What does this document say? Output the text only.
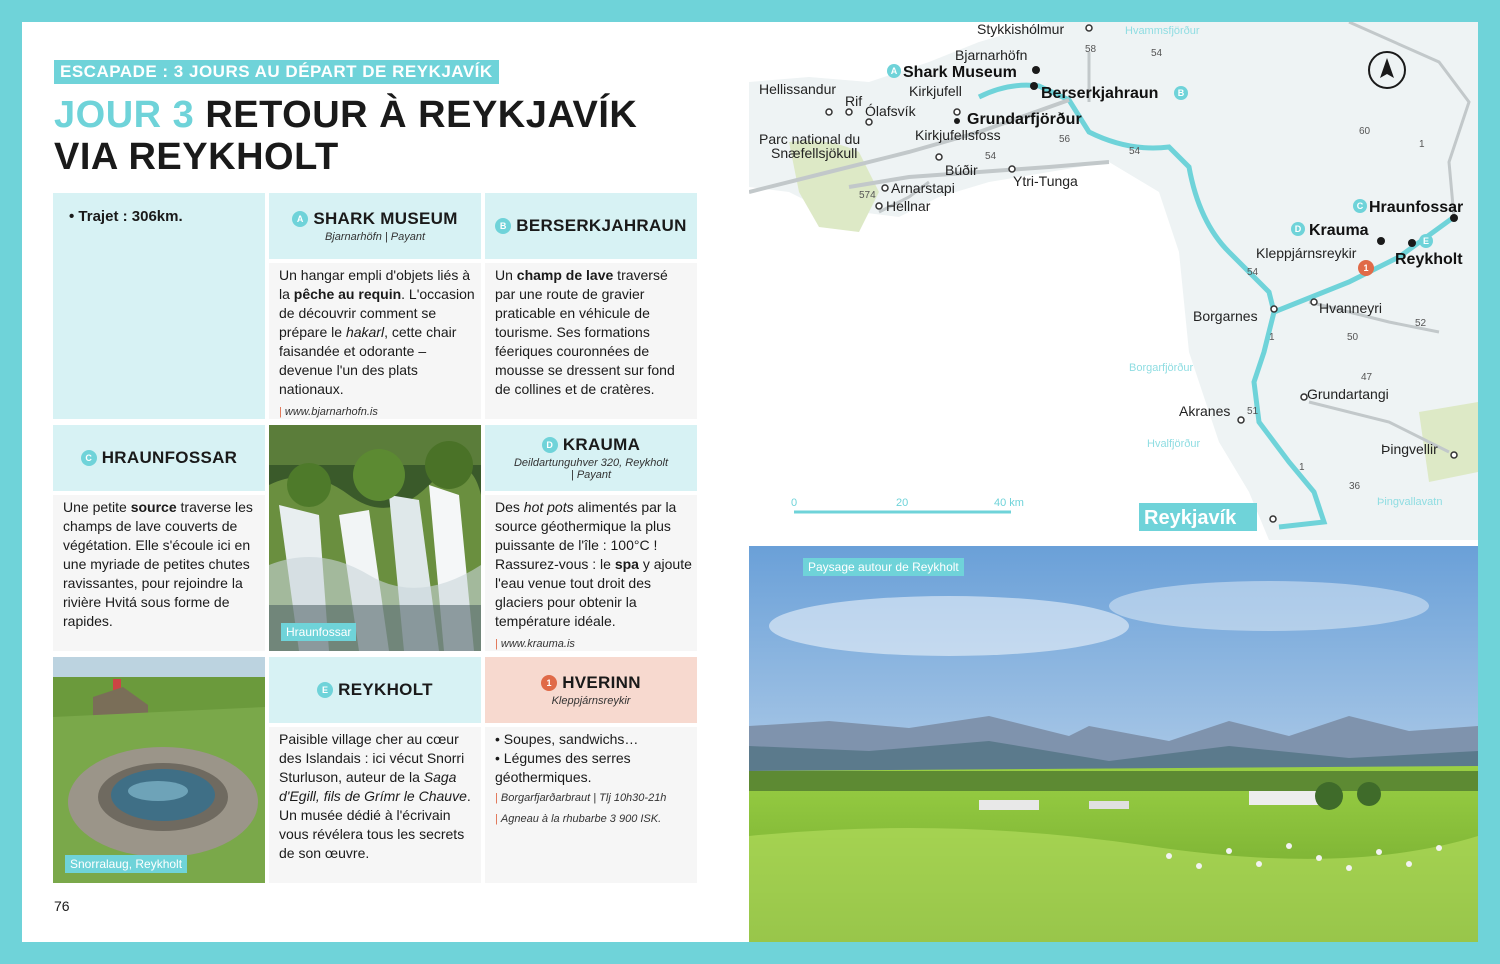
ESCAPADE : 3 JOURS AU DÉPART DE REYKJAVÍK
JOUR 3 RETOUR À REYKJAVÍK
VIA REYKHOLT
• Trajet : 306km.	A SHARK MUSEUM
Bjarnarhöfn | Payant
Un hangar empli d'objets liés à la pêche au requin. L'occasion de découvrir comment se prépare le hakarl, cette chair faisandée et odorante – devenue l'un des plats nationaux.
| www.bjarnarhofn.is
B BERSERKJAHRAUN
Un champ de lave traversé par une route de gravier praticable en véhicule de tourisme. Ses formations féeriques couronnées de mousse se dressent sur fond de collines et de cratères.
C HRAUNFOSSAR
Une petite source traverse les champs de lave couverts de végétation. Elle s'écoule ici en une myriade de petites chutes ravissantes, pour rejoindre la rivière Hvitá sous forme de rapides.
Hraunfossar
D KRAUMA
Deildartunguhver 320, Reykholt
| Payant
Des hot pots alimentés par la source géothermique la plus puissante de l'île : 100°C ! Rassurez-vous : le spa y ajoute l'eau venue tout droit des glaciers pour obtenir la température idéale.
| www.krauma.is
Snorralaug, Reykholt
E REYKHOLT
Paisible village cher au cœur des Islandais : ici vécut Snorri Sturluson, auteur de la Saga d'Egill, fils de Grímr le Chauve. Un musée dédié à l'écrivain vous révélera tous les secrets de son œuvre.
1 HVERINN
Kleppjárnsreykir
• Soupes, sandwichs…
• Légumes des serres géothermiques.
| Borgarfjarðarbraut | Tlj 10h30-21h
| Agneau à la rhubarbe 3 900 ISK.
76
0	20	40 km
Hvammsfjörður
Borgarfjörður
Hvalfjörður
Þingvallavatn
54
58
54
56
54
574
60
1
54
50
52
47
51
1
36
1
Stykkishólmur
Bjarnarhöfn
Hellissandur
Rif
Ólafsvík
Kirkjufell
Kirkjufellsfoss
Parc national du
Snæfellsjökull
Búðir
Ytri-Tunga
Arnarstapi
Hellnar
Kleppjárnsreykir
Borgarnes	Hvanneyri
Grundartangi
Akranes
Þingvellir
Shark Museum
Berserkjahraun
Grundarfjörður
Hraunfossar
Krauma
Reykholt
A
B
C
D
E
1
Reykjavík
Paysage autour de Reykholt
